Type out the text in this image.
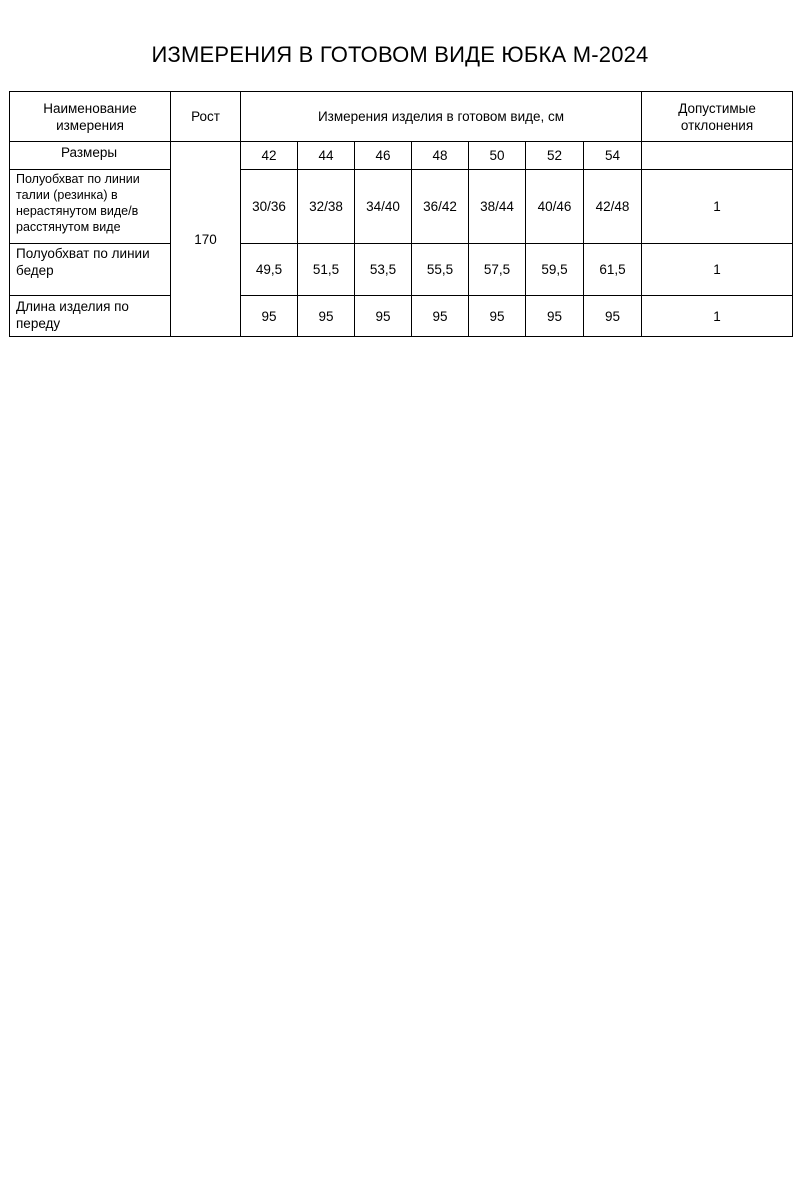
ИЗМЕРЕНИЯ В ГОТОВОМ ВИДЕ ЮБКА М-2024
Наименование измерения	Рост	Измерения изделия в готовом виде, см							Допустимые отклонения
Размеры	170	42	44	46	48	50	52	54	
Полуобхват по линии талии (резинка) в нерастянутом виде/в расстянутом виде		30/36	32/38	34/40	36/42	38/44	40/46	42/48	1
Полуобхват по линии бедер		49,5	51,5	53,5	55,5	57,5	59,5	61,5	1
Длина изделия по переду		95	95	95	95	95	95	95	1
